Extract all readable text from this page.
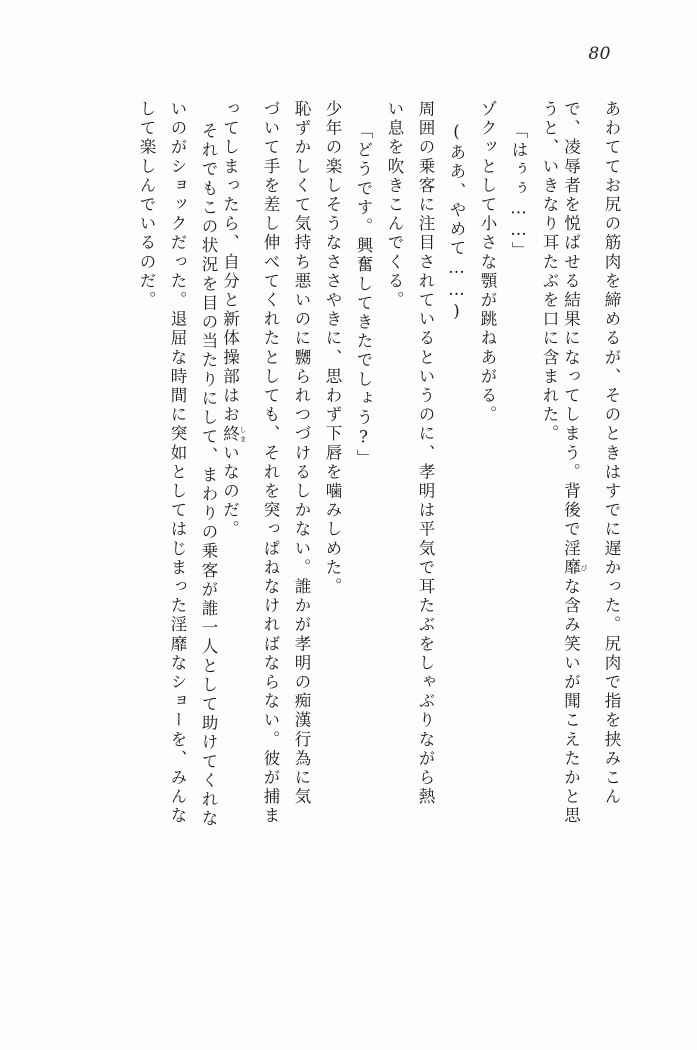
80
あわててお尻の筋肉を締めるが、そのときはすでに遅かった。尻肉で指を挟みこん
で、凌辱者を悦ばせる結果になってしまう。背後で淫靡 びな含み笑いが聞こえたかと思
うと、いきなり耳たぶを口に含まれた。
「はぅぅ……」
ゾクッとして小さな顎が跳ねあがる。
(ああ、やめて……)
周囲の乗客に注目されているというのに、孝明は平気で耳たぶをしゃぶりながら熱
い息を吹きこんでくる。
「どうです。興奮してきたでしょう?」
少年の楽しそうなささやきに、思わず下唇を噛みしめた。
恥ずかしくて気持ち悪いのに嬲られつづけるしかない。誰かが孝明の痴漢行為に気
づいて手を差し伸べてくれたとしても、それを突っぱねなければならない。彼が捕ま
ってしまったら、自分と新体操部はお終 しまいなのだ。
それでもこの状況を目の当たりにして、まわりの乗客が誰一人として助けてくれな
いのがショックだった。退屈な時間に突如としてはじまった淫靡なショーを、みんな
して楽しんでいるのだ。
